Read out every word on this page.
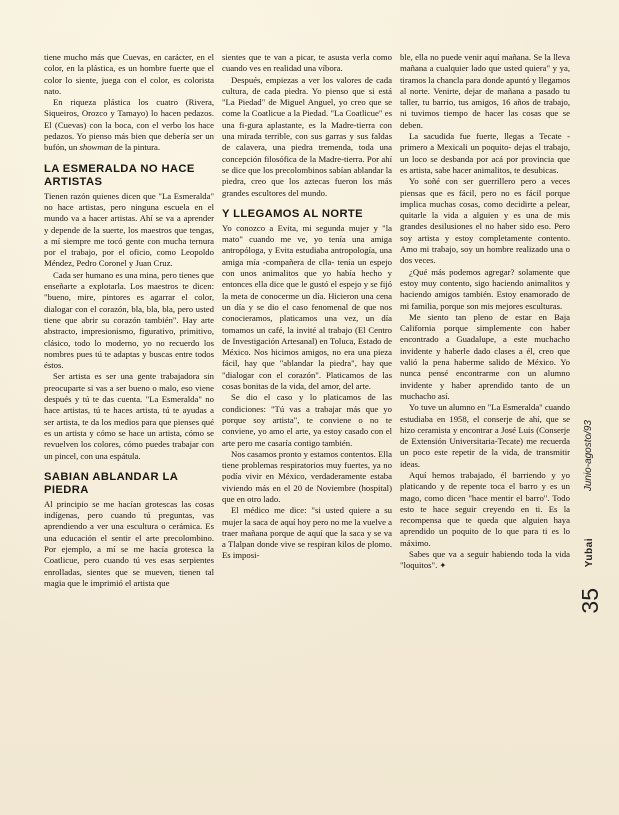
tiene mucho más que Cuevas, en carácter, en el color, en la plástica, es un hombre fuerte que el color lo siente, juega con el color, es colorista nato.

En riqueza plástica los cuatro (Rivera, Siqueiros, Orozco y Tamayo) lo hacen pedazos. El (Cuevas) con la boca, con el verbo los hace pedazos. Yo pienso más bien que debería ser un bufón, un showman de la pintura.

LA ESMERALDA NO HACE ARTISTAS

Tienen razón quienes dicen que "La Esmeralda" no hace artistas, pero ninguna escuela en el mundo va a hacer artistas. Ahí se va a aprender y depende de la suerte, los maestros que tengas, a mí siempre me tocó gente con mucha ternura por el trabajo, por el oficio, como Leopoldo Méndez, Pedro Coronel y Juan Cruz.

Cada ser humano es una mina, pero tienes que enseñarte a explotarla. Los maestros te dicen: "bueno, mire, pintores es agarrar el color, dialogar con el corazón, bla, bla, bla, pero usted tiene que abrir su corazón también". Hay arte abstracto, impresionismo, figurativo, primitivo, clásico, todo lo moderno, yo no recuerdo los nombres pues tú te adaptas y buscas entre todos éstos.

Ser artista es ser una gente trabajadora sin preocuparte si vas a ser bueno o malo, eso viene después y tú te das cuenta. "La Esmeralda" no hace artistas, tú te haces artista, tú te ayudas a ser artista, te da los medios para que pienses qué es un artista y cómo se hace un artista, cómo se revuelven los colores, cómo puedes trabajar con un pincel, con una espátula.

SABIAN ABLANDAR LA PIEDRA

Al principio se me hacían grotescas las cosas indígenas, pero cuando tú preguntas, vas aprendiendo a ver una escultura o cerámica. Es una educación el sentir el arte precolombino. Por ejemplo, a mí se me hacía grotesca la Coatlicue, pero cuando tú ves esas serpientes enrolladas, sientes que se mueven, tienen tal magia que le imprimió el artista que

sientes que te van a picar, te asusta verla como cuando ves en realidad una víbora.

Después, empiezas a ver los valores de cada cultura, de cada piedra. Yo pienso que si está "La Piedad" de Miguel Anguel, yo creo que se come la Coatlicue a la Piedad. "La Coatlicue" es una fi-gura aplastante, es la Madre-tierra con una mirada terrible, con sus garras y sus faldas de calavera, una piedra tremenda, toda una concepción filosófica de la Madre-tierra. Por ahí se dice que los precolombinos sabían ablandar la piedra, creo que los aztecas fueron los más grandes escultores del mundo.

Y LLEGAMOS AL NORTE

Yo conozco a Evita, mi segunda mujer y "la mato" cuando me ve, yo tenía una amiga antropóloga, y Evita estudiaba antropología, una amiga mía -compañera de clla- tenía un espejo con unos animalitos que yo había hecho y entonces ella dice que le gustó el espejo y se fijó la meta de conocerme un día. Hicieron una cena un día y se dio el caso fenomenal de que nos conocieramos, platicamos una vez, un día tomamos un café, la invité al trabajo (El Centro de Investigación Artesanal) en Toluca, Estado de México. Nos hicimos amigos, no era una pieza fácil, hay que "ablandar la piedra", hay que "dialogar con el corazón". Platicamos de las cosas bonitas de la vida, del amor, del arte.

Se dio el caso y lo platicamos de las condiciones: "Tú vas a trabajar más que yo porque soy artista", te conviene o no te conviene, yo amo el arte, ya estoy casado con el arte pero me casaría contigo también.

Nos casamos pronto y estamos contentos. Ella tiene problemas respiratorios muy fuertes, ya no podía vivir en México, verdaderamente estaba viviendo más en el 20 de Noviembre (hospital) que en otro lado.

El médico me dice: "si usted quiere a su mujer la saca de aquí hoy pero no me la vuelve a traer mañana porque de aquí que la saca y se va a Tlalpan donde vive se respiran kilos de plomo. Es imposi-

ble, ella no puede venir aquí mañana. Se la lleva mañana a cualquier lado que usted quiera" y ya, tiramos la chancla para donde apuntó y llegamos al norte. Venirte, dejar de mañana a pasado tu taller, tu barrio, tus amigos, 16 años de trabajo, ni tuvimos tiempo de hacer las cosas que se deben.

La sacudida fue fuerte, llegas a Tecate -primero a Mexicali un poquito- dejas el trabajo, un loco se desbanda por acá por provincia que es artista, sabe hacer animalitos, te desubicas.

Yo soñé con ser guerrillero pero a veces piensas que es fácil, pero no es fácil porque implica muchas cosas, como decidirte a pelear, quitarle la vida a alguien y es una de mis grandes desilusiones el no haber sido eso. Pero soy artista y estoy completamente contento. Amo mi trabajo, soy un hombre realizado una o dos veces.

¿Qué más podemos agregar? solamente que estoy muy contento, sigo haciendo animalitos y haciendo amigos también. Estoy enamorado de mi familia, porque son mis mejores esculturas.

Me siento tan pleno de estar en Baja California porque simplemente con haber encontrado a Guadalupe, a este muchacho invidente y haberle dado clases a él, creo que valió la pena haberme salido de México. Yo nunca pensé encontrarme con un alumno invidente y haber aprendido tanto de un muchacho así.

Yo tuve un alumno en "La Esmeralda" cuando estudiaba en 1958, el conserje de ahí, que se hizo ceramista y encontrar a José Luis (Conserje de Extensión Universitaria-Tecate) me recuerda un poco este repetir de la vida, de transmitir ideas.

Aquí hemos trabajado, él barriendo y yo platicando y de repente toca el barro y es un mago, como dicen "hace mentir el barro". Todo esto te hace seguir creyendo en ti. Es la recompensa que te queda que alguien haya aprendido un poquito de lo que para ti es lo máximo.

Sabes que va a seguir habiendo toda la vida "loquitos". ✦

Junio-agosto/93
Yubai
35
